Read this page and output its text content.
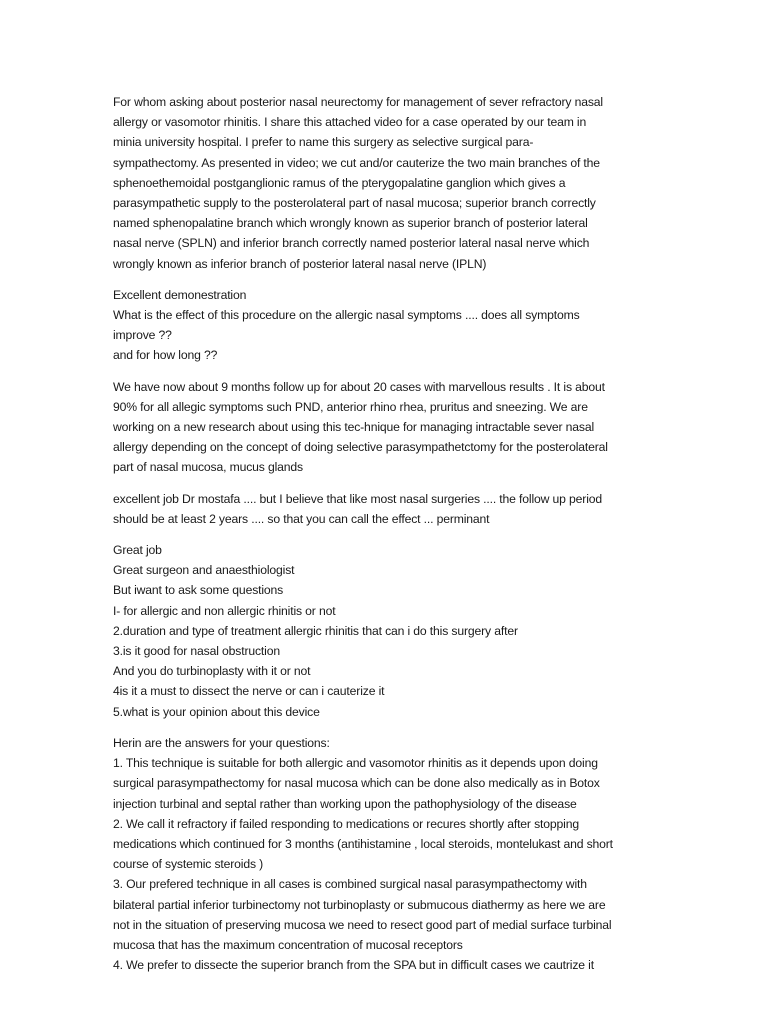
For whom asking about posterior nasal neurectomy for management of sever refractory nasal
allergy or vasomotor rhinitis. I share this attached video for a case operated by our team in
minia university hospital. I prefer to name this surgery as selective surgical para-
sympathectomy. As presented in video; we cut and/or cauterize the two main branches of the
sphenoethemoidal postganglionic ramus of the pterygopalatine ganglion which gives a
parasympathetic supply to the posterolateral part of nasal mucosa; superior branch correctly
named sphenopalatine branch which wrongly known as superior branch of posterior lateral
nasal nerve (SPLN) and inferior branch correctly named posterior lateral nasal nerve which
wrongly known as inferior branch of posterior lateral nasal nerve (IPLN)
Excellent demonestration
What is the effect of this procedure on the allergic nasal symptoms .... does all symptoms
improve ??
and for how long ??
We have now about 9 months follow up for about 20 cases with marvellous results . It is about
90% for all allegic symptoms such PND, anterior rhino rhea, pruritus and sneezing. We are
working on a new research about using this tec-hnique for managing intractable sever nasal
allergy depending on the concept of doing selective parasympathetctomy for the posterolateral
part of nasal mucosa, mucus glands
excellent job Dr mostafa .... but I believe that like most nasal surgeries .... the follow up period
should be at least 2 years .... so that you can call the effect ... perminant
Great job
Great surgeon and anaesthiologist
But iwant to ask some questions
I- for allergic and non allergic rhinitis or not
2.duration and type of treatment allergic rhinitis that can i do this surgery after
3.is it good for nasal obstruction
And you do turbinoplasty with it or not
4is it a must to dissect the nerve or can i cauterize it
5.what is your opinion about this device
Herin are the answers for your questions:
1. This technique is suitable for both allergic and vasomotor rhinitis as it depends upon doing
surgical parasympathectomy for nasal mucosa which can be done also medically as in Botox
injection turbinal and septal rather than working upon the pathophysiology of the disease
2. We call it refractory if failed responding to medications or recures shortly after stopping
medications which continued for 3 months (antihistamine , local steroids, montelukast and short
course of systemic steroids )
3. Our prefered technique in all cases is combined surgical nasal parasympathectomy with
bilateral partial inferior turbinectomy not turbinoplasty or submucous diathermy as here we are
not in the situation of preserving mucosa we need to resect good part of medial surface turbinal
mucosa that has the maximum concentration of mucosal receptors
4. We prefer to dissecte the superior branch from the SPA but in difficult cases we cautrize it
